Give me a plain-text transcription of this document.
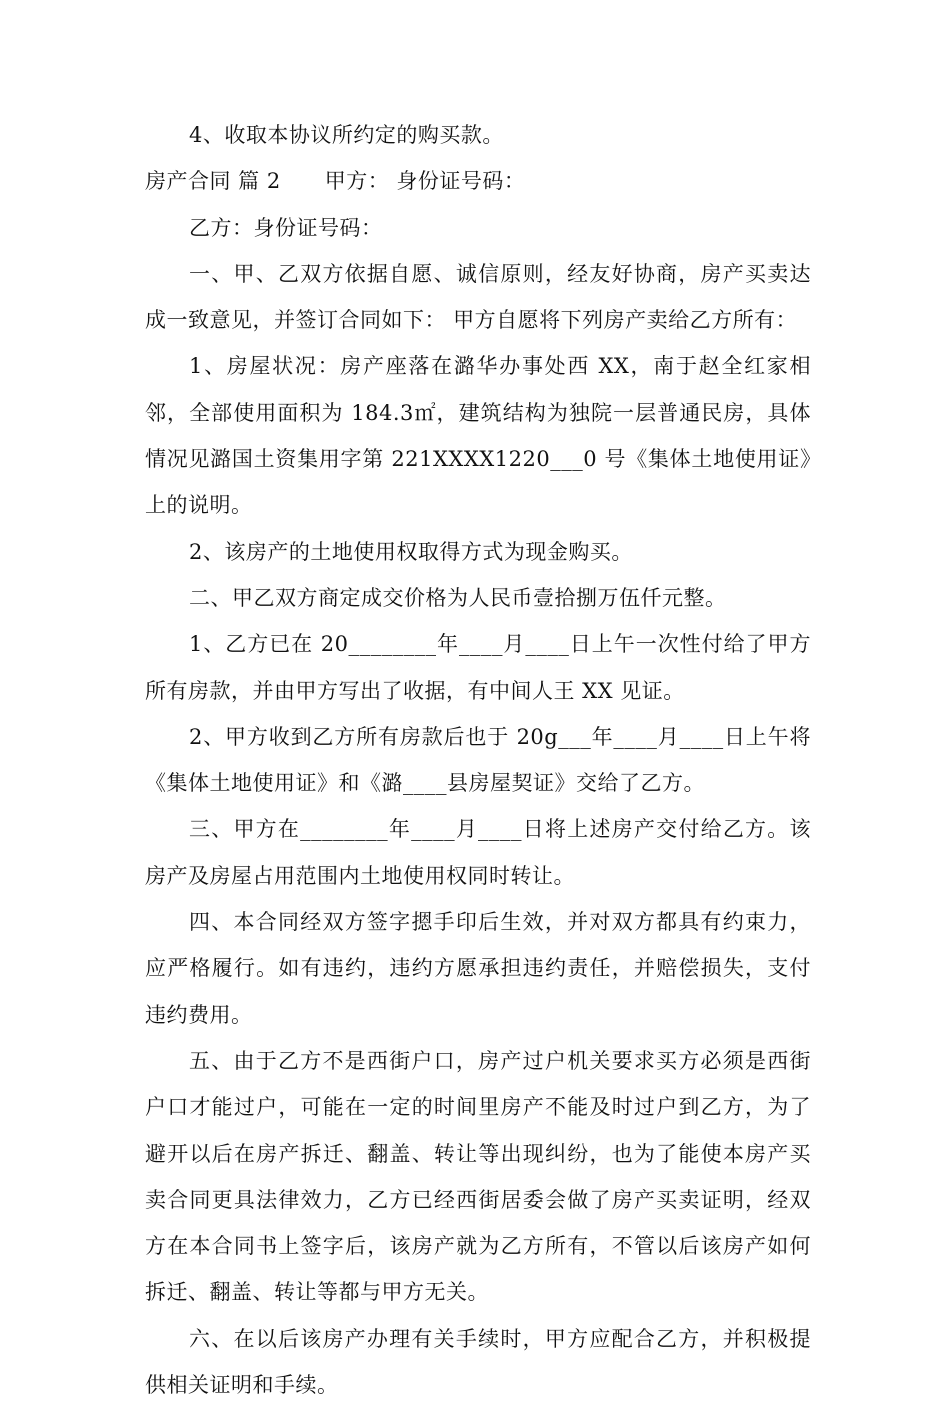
4、收取本协议所约定的购买款。

房产合同 篇 2 甲方： 身份证号码：

乙方：身份证号码：

一、甲、乙双方依据自愿、诚信原则，经友好协商，房产买卖达成一致意见，并签订合同如下： 甲方自愿将下列房产卖给乙方所有：

1、房屋状况：房产座落在潞华办事处西 XX，南于赵全红家相邻，全部使用面积为 184.3㎡，建筑结构为独院一层普通民房，具体情况见潞国土资集用字第 221XXXX1220___0 号《集体土地使用证》上的说明。

2、该房产的土地使用权取得方式为现金购买。

二、甲乙双方商定成交价格为人民币壹拾捌万伍仟元整。

1、乙方已在 20________年____月____日上午一次性付给了甲方所有房款，并由甲方写出了收据，有中间人王 XX 见证。

2、甲方收到乙方所有房款后也于 20g___年____月____日上午将《集体土地使用证》和《潞____县房屋契证》交给了乙方。

三、甲方在________年____月____日将上述房产交付给乙方。该房产及房屋占用范围内土地使用权同时转让。

四、本合同经双方签字摁手印后生效，并对双方都具有约束力，应严格履行。如有违约，违约方愿承担违约责任，并赔偿损失，支付违约费用。

五、由于乙方不是西街户口，房产过户机关要求买方必须是西街户口才能过户，可能在一定的时间里房产不能及时过户到乙方，为了避开以后在房产拆迁、翻盖、转让等出现纠纷，也为了能使本房产买卖合同更具法律效力，乙方已经西街居委会做了房产买卖证明，经双方在本合同书上签字后，该房产就为乙方所有，不管以后该房产如何拆迁、翻盖、转让等都与甲方无关。

六、在以后该房产办理有关手续时，甲方应配合乙方，并积极提供相关证明和手续。
